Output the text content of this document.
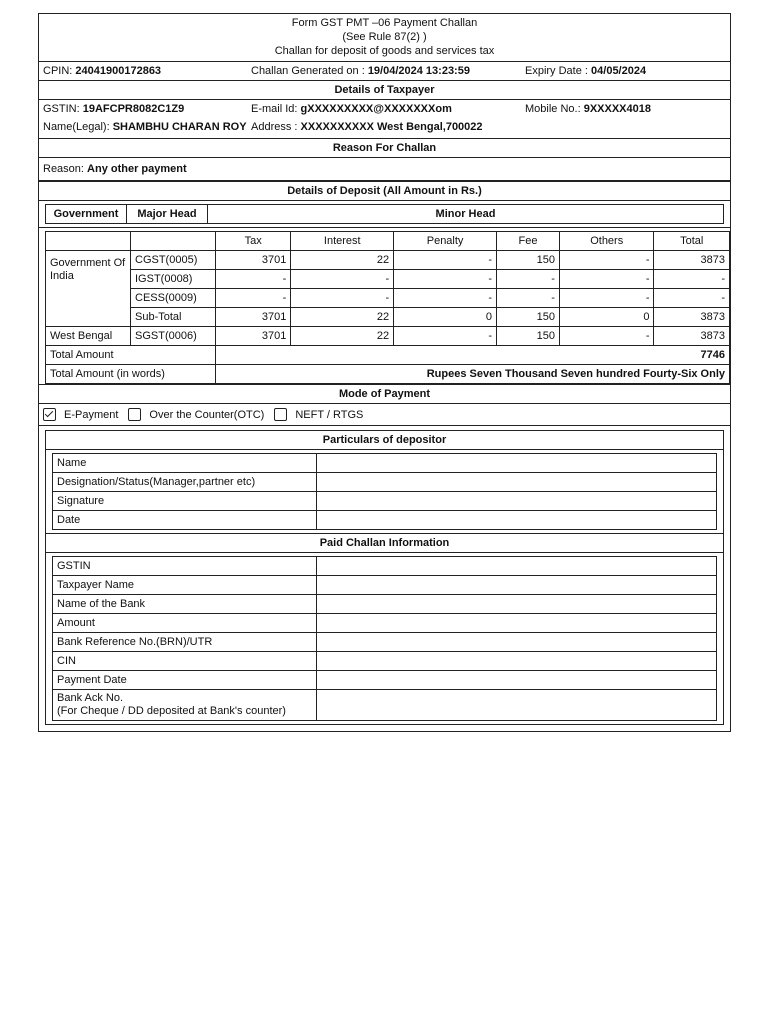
Form GST PMT –06 Payment Challan
(See Rule 87(2) )
Challan for deposit of goods and services tax
CPIN: 24041900172863	Challan Generated on : 19/04/2024 13:23:59	Expiry Date : 04/05/2024
Details of Taxpayer
GSTIN: 19AFCPR8082C1Z9	E-mail Id: gXXXXXXXXX@XXXXXXXom	Mobile No.: 9XXXXX4018
Name(Legal): SHAMBHU CHARAN ROY Address : XXXXXXXXXX West Bengal,700022
Reason For Challan
Reason: Any other payment
Details of Deposit (All Amount in Rs.)
Government	Major Head	Minor Head
		Tax	Interest	Penalty	Fee	Others	Total
Government Of India	CGST(0005)	3701	22	-	150	-	3873
	IGST(0008)	-	-	-	-	-	-
	CESS(0009)	-	-	-	-	-	-
	Sub-Total	3701	22	0	150	0	3873
West Bengal	SGST(0006)	3701	22	-	150	-	3873
Total Amount		7746					
Total Amount (in words)		Rupees Seven Thousand Seven hundred Fourty-Six Only					
Mode of Payment
E-Payment	Over the Counter(OTC)	NEFT / RTGS
Particulars of depositor
Name	
Designation/Status(Manager,partner etc)	
Signature	
Date	
Paid Challan Information
GSTIN	
Taxpayer Name	
Name of the Bank	
Amount	
Bank Reference No.(BRN)/UTR	
CIN	
Payment Date	

Bank Ack No.
(For Cheque / DD deposited at Bank's counter)	
